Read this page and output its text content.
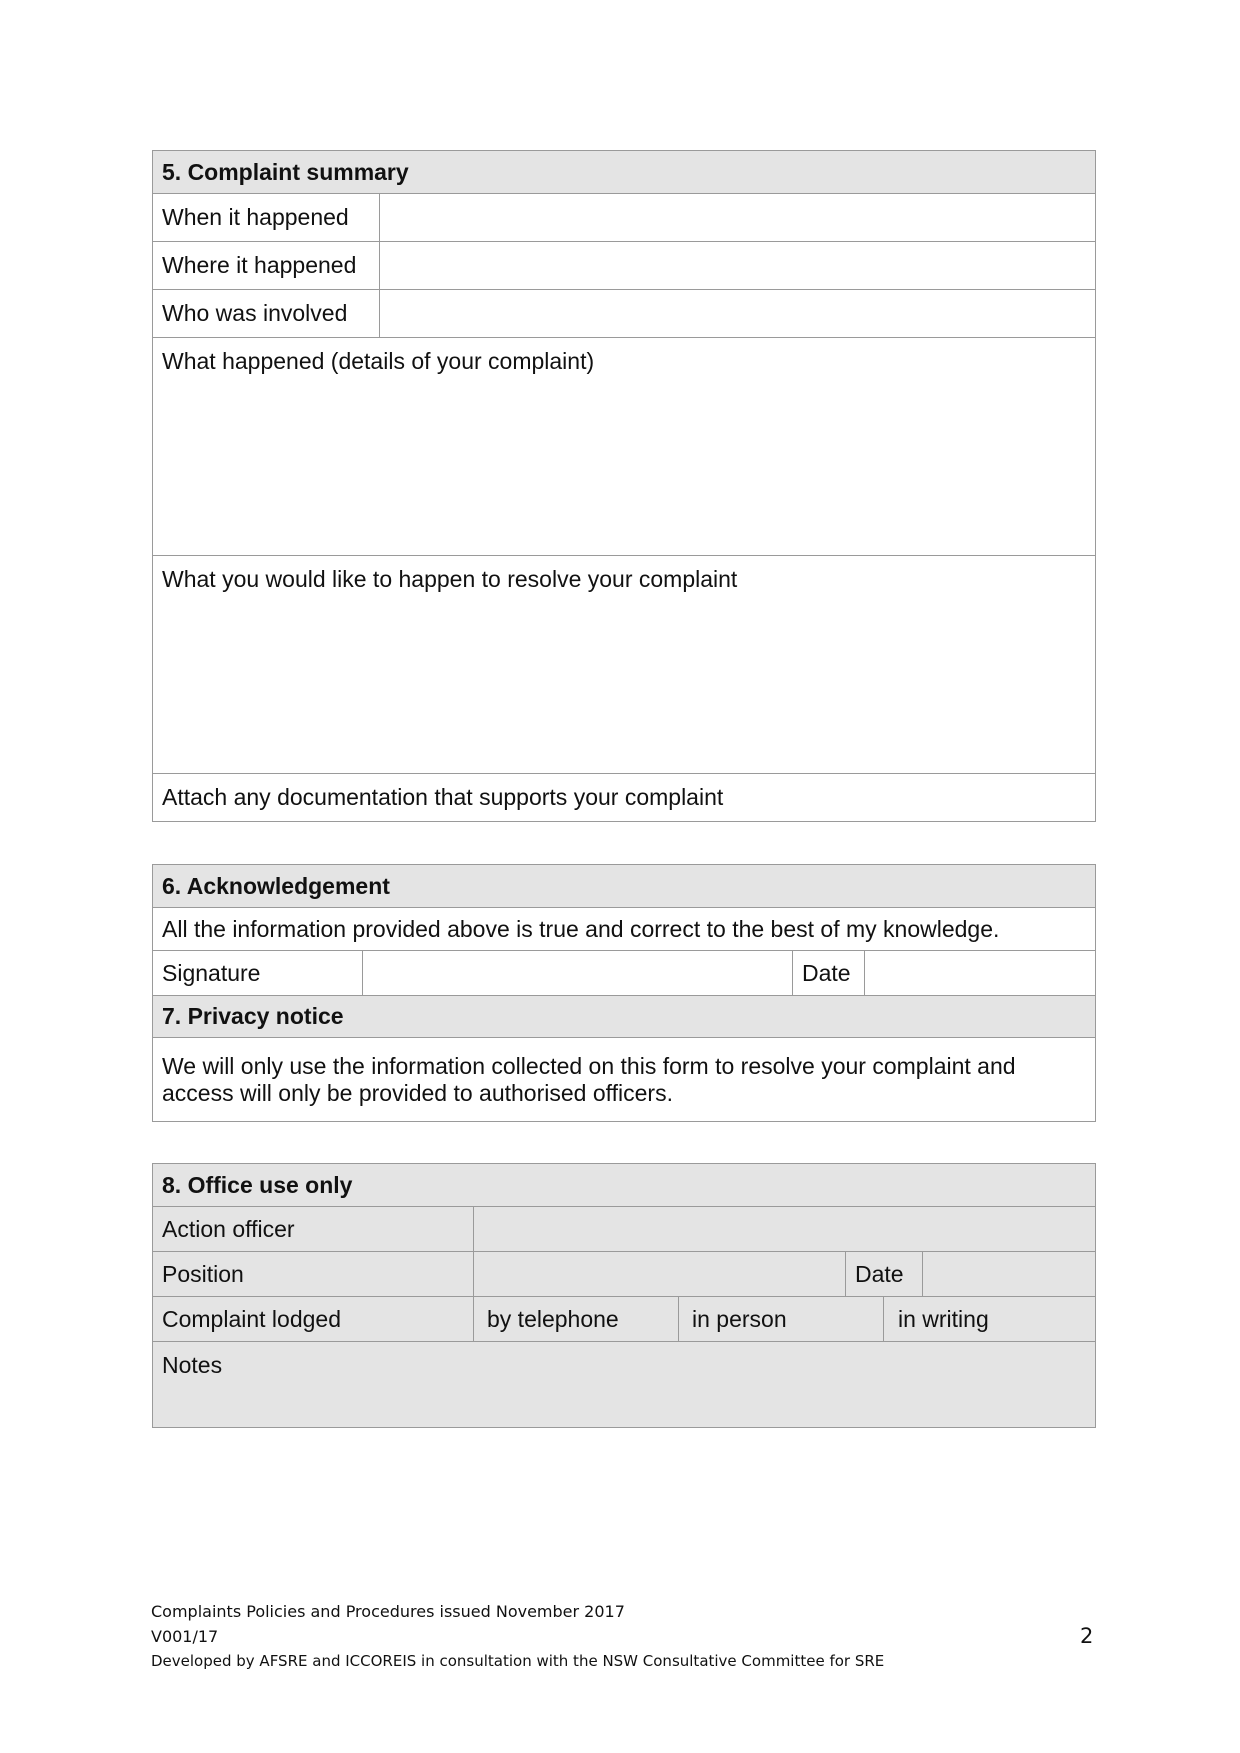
5. Complaint summary
When it happened
Where it happened
Who was involved
What happened (details of your complaint)
What you would like to happen to resolve your complaint
Attach any documentation that supports your complaint
6. Acknowledgement
All the information provided above is true and correct to the best of my knowledge.
Signature	Date
7. Privacy notice
We will only use the information collected on this form to resolve your complaint and
access will only be provided to authorised officers.
8. Office use only
Action officer
Position	Date
Complaint lodged	by telephone	in person	in writing
Notes
Complaints Policies and Procedures issued November 2017
V001/17
Developed by AFSRE and ICCOREIS in consultation with the NSW Consultative Committee for SRE
2
